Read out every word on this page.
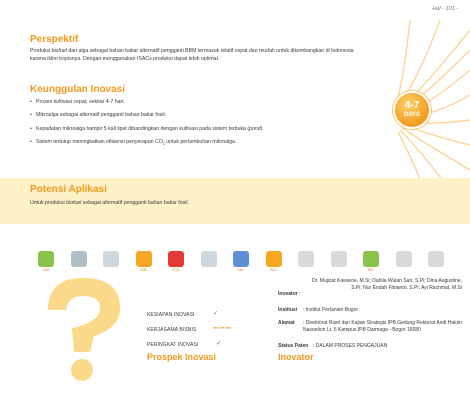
Hal - 101 -
Perspektif
Produksi biofuel dari alga sebagai bahan bakar alternatif pengganti BBM termasuk relatif cepat dan mudah untuk dikembangkan di Indonesia karena iklim tropisnya. Dengan menggunakan ISACs produksi dapat lebih optimal.
Keunggulan Inovasi
• Proses kultivasi cepat, sekitar 4-7 hari.
• Mikroalga sebagai alternatif pengganti bahan bakar fosil.
• Kepadatan mikroalga hampir 5 kali lipat dibandingkan dengan kultivasi pada sistem terbuka (pond).
• Sistem tertutup meningkatkan efisiensi penyerapan $CO_2$ untuk pertumbuhan mikroalga.
4-7
DAYS
Potensi Aplikasi
Untuk produksi biofuel sebagai alternatif pengganti bahan bakar fosil.
AGR	ENE	FOO	ENV	BLD	REC
MUA	WHY
KESIAPAN INOVASI	✓
KERJASAMA BISNIS	*** *** ***
PERINGKAT INOVASI	✓
Prospek Inovasi	Inovator
Dr. Mujizat Kawaroe, M.Si; Dahlia Wulan Sari, S.Pi; Dina Augustine, S.Pi; Nur Endah Fitrianto, S.Pi; Ayi Rachmat, M.Si
Inovator :
Institusi : Institut Pertanian Bogor
Alamat : Direktorat Riset dan Kajian Strategis IPB Gedung Rektorat Andi Hakim Nasoetion Lt. 5 Kampus IPB Darmaga - Bogor 16680
Status Paten : DALAM PROSES PENGAJUAN
